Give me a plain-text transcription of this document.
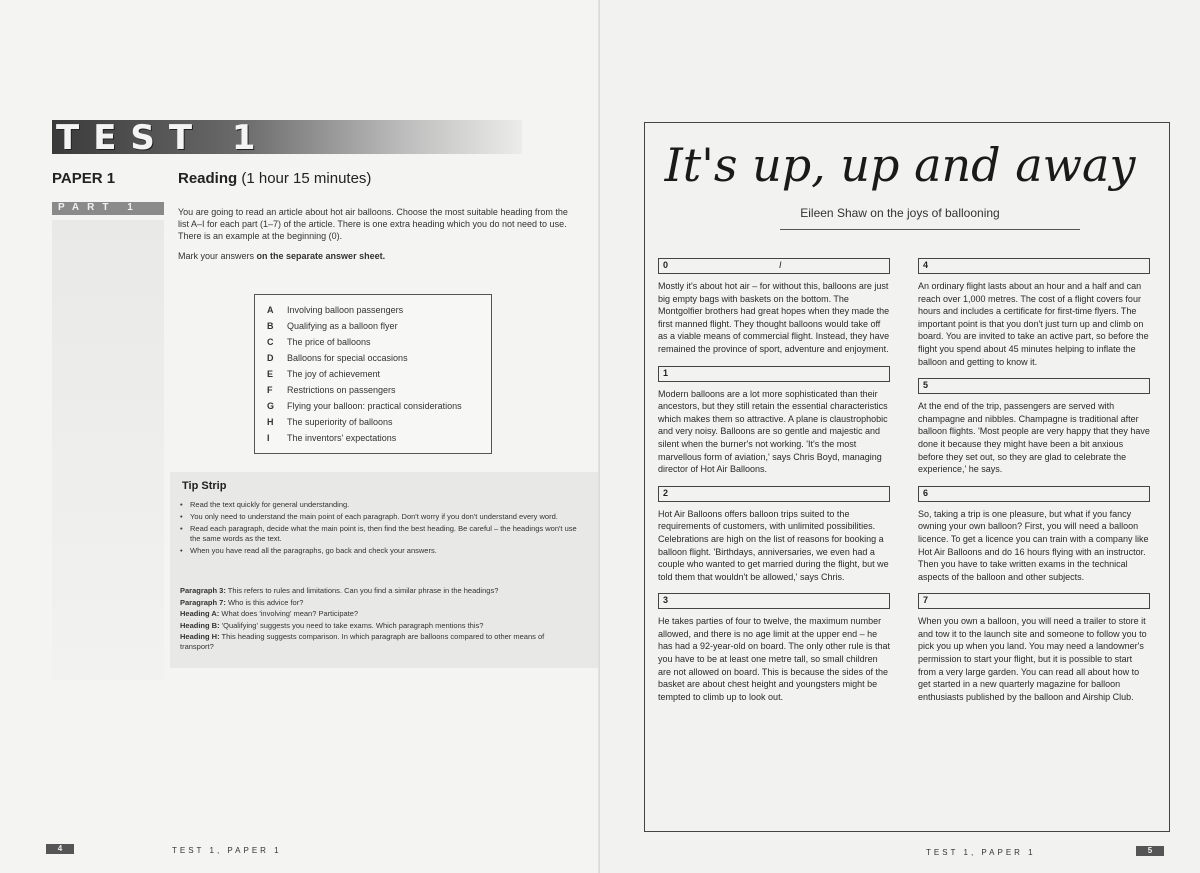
TEST 1
PAPER 1	Reading (1 hour 15 minutes)
PART 1	You are going to read an article about hot air balloons. Choose the most suitable heading from the list A–I for each part (1–7) of the article. There is one extra heading which you do not need to use. There is an example at the beginning (0).
Mark your answers on the separate answer sheet.
A Involving balloon passengers
B Qualifying as a balloon flyer
C The price of balloons
D Balloons for special occasions
E The joy of achievement
F Restrictions on passengers
G Flying your balloon: practical considerations
H The superiority of balloons
I The inventors' expectations
Tip Strip
• Read the text quickly for general understanding.
• You only need to understand the main point of each paragraph. Don't worry if you don't understand every word.
• Read each paragraph, decide what the main point is, then find the best heading. Be careful – the headings won't use the same words as the text.
• When you have read all the paragraphs, go back and check your answers.
Paragraph 3: This refers to rules and limitations. Can you find a similar phrase in the headings?
Paragraph 7: Who is this advice for?
Heading A: What does 'involving' mean? Participate?
Heading B: 'Qualifying' suggests you need to take exams. Which paragraph mentions this?
Heading H: This heading suggests comparison. In which paragraph are balloons compared to other means of transport?
4	TEST 1, PAPER 1
It's up, up and away
Eileen Shaw on the joys of ballooning
0	I

Mostly it's about hot air – for without this, balloons are just big empty bags with baskets on the bottom. The Montgolfier brothers had great hopes when they made the first manned flight. They thought balloons would take off as a viable means of commercial flight. Instead, they have remained the province of sport, adventure and enjoyment.

1

Modern balloons are a lot more sophisticated than their ancestors, but they still retain the essential characteristics which makes them so attractive. A plane is claustrophobic and very noisy. Balloons are so gentle and majestic and silent when the burner's not working. 'It's the most marvellous form of aviation,' says Chris Boyd, managing director of Hot Air Balloons.

2

Hot Air Balloons offers balloon trips suited to the requirements of customers, with unlimited possibilities. Celebrations are high on the list of reasons for booking a balloon flight. 'Birthdays, anniversaries, we even had a couple who wanted to get married during the flight, but we told them that wouldn't be allowed,' says Chris.

3

He takes parties of four to twelve, the maximum number allowed, and there is no age limit at the upper end – he has had a 92-year-old on board. The only other rule is that you have to be at least one metre tall, so small children are not allowed on board. This is because the sides of the basket are about chest height and youngsters might be tempted to climb up to look out.

4

An ordinary flight lasts about an hour and a half and can reach over 1,000 metres. The cost of a flight covers four hours and includes a certificate for first-time flyers. The important point is that you don't just turn up and climb on board. You are invited to take an active part, so before the flight you spend about 45 minutes helping to inflate the balloon and getting to know it.

5

At the end of the trip, passengers are served with champagne and nibbles. Champagne is traditional after balloon flights. 'Most people are very happy that they have done it because they might have been a bit anxious before they set out, so they are glad to celebrate the experience,' he says.

6

So, taking a trip is one pleasure, but what if you fancy owning your own balloon? First, you will need a balloon licence. To get a licence you can train with a company like Hot Air Balloons and do 16 hours flying with an instructor. Then you have to take written exams in the technical aspects of the balloon and other subjects.

7

When you own a balloon, you will need a trailer to store it and tow it to the launch site and someone to follow you to pick you up when you land. You may need a landowner's permission to start your flight, but it is possible to start from a very large garden. You can read all about how to get started in a new quarterly magazine for balloon enthusiasts published by the balloon and Airship Club.

TEST 1, PAPER 1	5
